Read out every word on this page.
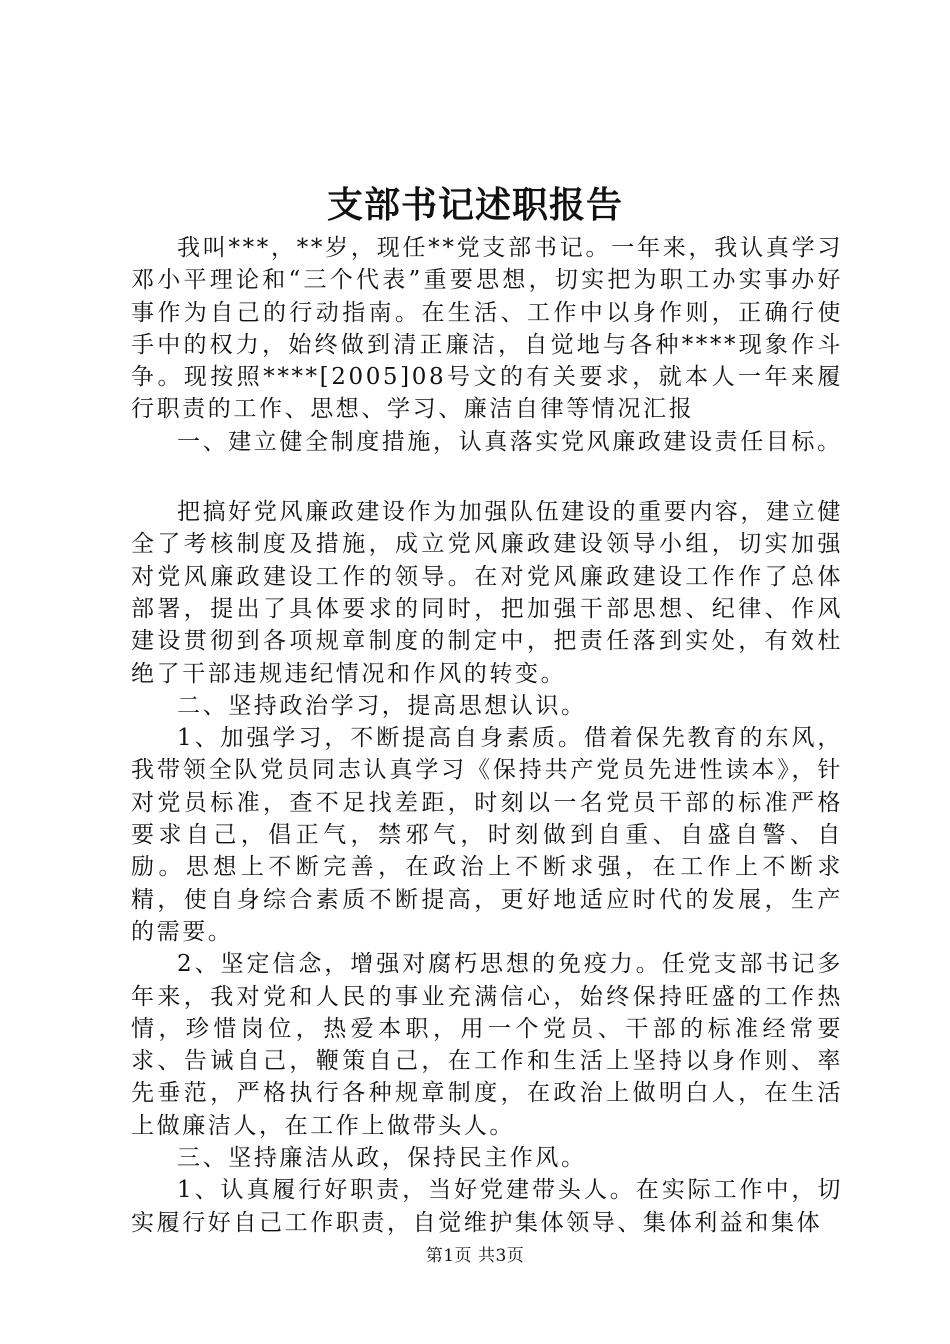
支部书记述职报告

我叫***，**岁，现任**党支部书记。一年来，我认真学习邓小平理论和“三个代表”重要思想，切实把为职工办实事办好事作为自己的行动指南。在生活、工作中以身作则，正确行使手中的权力，始终做到清正廉洁，自觉地与各种****现象作斗争。现按照****[2005]08号文的有关要求，就本人一年来履行职责的工作、思想、学习、廉洁自律等情况汇报

一、建立健全制度措施，认真落实党风廉政建设责任目标。

把搞好党风廉政建设作为加强队伍建设的重要内容，建立健全了考核制度及措施，成立党风廉政建设领导小组，切实加强对党风廉政建设工作的领导。在对党风廉政建设工作作了总体部署，提出了具体要求的同时，把加强干部思想、纪律、作风建设贯彻到各项规章制度的制定中，把责任落到实处，有效杜绝了干部违规违纪情况和作风的转变。

二、坚持政治学习，提高思想认识。

1、加强学习，不断提高自身素质。借着保先教育的东风，我带领全队党员同志认真学习《保持共产党员先进性读本》，针对党员标准，查不足找差距，时刻以一名党员干部的标准严格要求自己，倡正气，禁邪气，时刻做到自重、自盛自警、自励。思想上不断完善，在政治上不断求强，在工作上不断求精，使自身综合素质不断提高，更好地适应时代的发展，生产的需要。

2、坚定信念，增强对腐朽思想的免疫力。任党支部书记多年来，我对党和人民的事业充满信心，始终保持旺盛的工作热情，珍惜岗位，热爱本职，用一个党员、干部的标准经常要求、告诫自己，鞭策自己，在工作和生活上坚持以身作则、率先垂范，严格执行各种规章制度，在政治上做明白人，在生活上做廉洁人，在工作上做带头人。

三、坚持廉洁从政，保持民主作风。

1、认真履行好职责，当好党建带头人。在实际工作中，切实履行好自己工作职责，自觉维护集体领导、集体利益和集体

第1页 共3页
